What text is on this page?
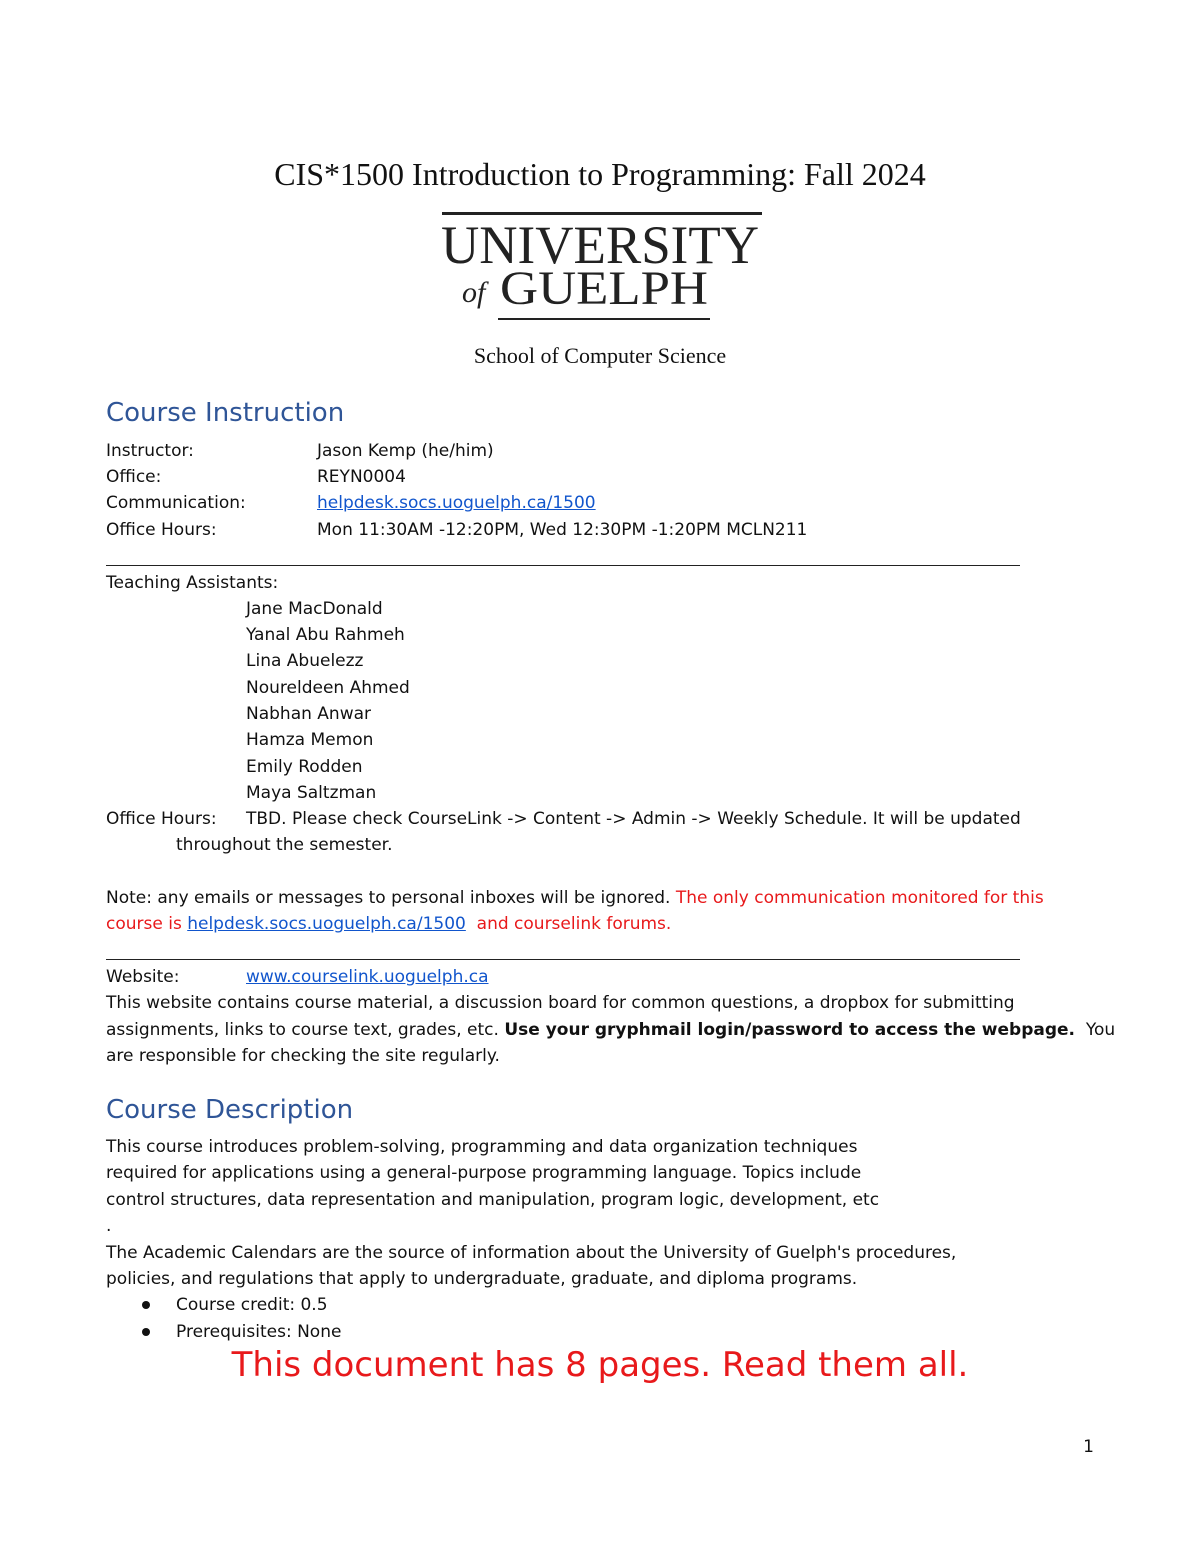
CIS*1500 Introduction to Programming: Fall 2024
UNIVERSITY
of GUELPH
School of Computer Science
Course Instruction
Instructor:	Jason Kemp (he/him)
Office:	REYN0004
Communication:	helpdesk.socs.uoguelph.ca/1500
Office Hours:	Mon 11:30AM -12:20PM, Wed 12:30PM -1:20PM MCLN211
Teaching Assistants:
Jane MacDonald
Yanal Abu Rahmeh
Lina Abuelezz
Noureldeen Ahmed
Nabhan Anwar
Hamza Memon
Emily Rodden
Maya Saltzman
Office Hours: TBD. Please check CourseLink -> Content -> Admin -> Weekly Schedule. It will be updated
throughout the semester.
Note: any emails or messages to personal inboxes will be ignored. The only communication monitored for this
course is helpdesk.socs.uoguelph.ca/1500 and courselink forums.
Website:	www.courselink.uoguelph.ca
This website contains course material, a discussion board for common questions, a dropbox for submitting
assignments, links to course text, grades, etc. Use your gryphmail login/password to access the webpage. You
are responsible for checking the site regularly.
Course Description
This course introduces problem-solving, programming and data organization techniques
required for applications using a general-purpose programming language. Topics include
control structures, data representation and manipulation, program logic, development, etc
.
The Academic Calendars are the source of information about the University of Guelph's procedures,
policies, and regulations that apply to undergraduate, graduate, and diploma programs.
Course credit: 0.5
Prerequisites: None
This document has 8 pages. Read them all.
1
